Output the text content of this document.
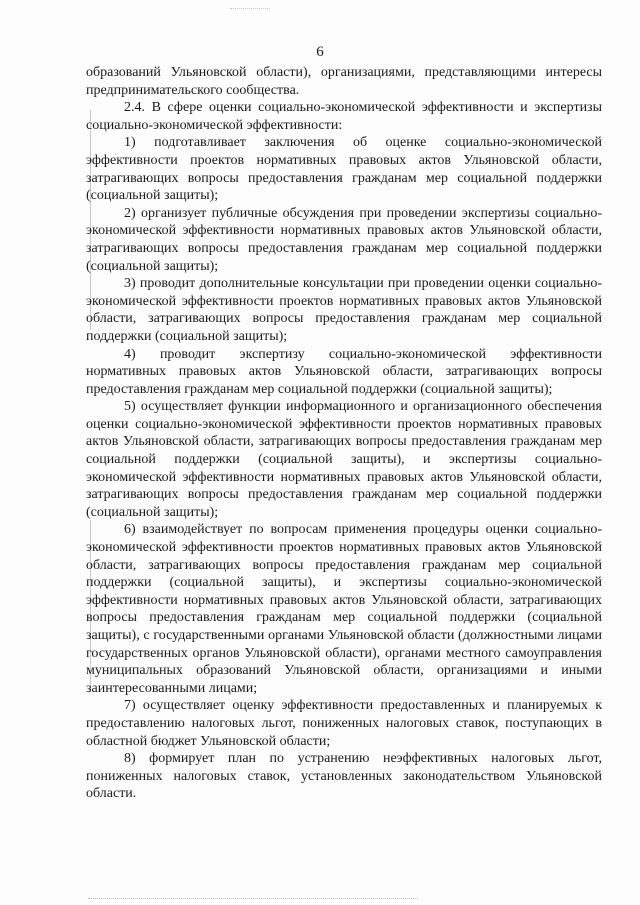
6

образований Ульяновской области), организациями, представляющими интересы предпринимательского сообщества.

2.4. В сфере оценки социально-экономической эффективности и экспертизы социально-экономической эффективности:

1) подготавливает заключения об оценке социально-экономической эффективности проектов нормативных правовых актов Ульяновской области, затрагивающих вопросы предоставления гражданам мер социальной поддержки (социальной защиты);

2) организует публичные обсуждения при проведении экспертизы социально-экономической эффективности нормативных правовых актов Ульяновской области, затрагивающих вопросы предоставления гражданам мер социальной поддержки (социальной защиты);

3) проводит дополнительные консультации при проведении оценки социально-экономической эффективности проектов нормативных правовых актов Ульяновской области, затрагивающих вопросы предоставления гражданам мер социальной поддержки (социальной защиты);

4) проводит экспертизу социально-экономической эффективности нормативных правовых актов Ульяновской области, затрагивающих вопросы предоставления гражданам мер социальной поддержки (социальной защиты);

5) осуществляет функции информационного и организационного обеспечения оценки социально-экономической эффективности проектов нормативных правовых актов Ульяновской области, затрагивающих вопросы предоставления гражданам мер социальной поддержки (социальной защиты), и экспертизы социально-экономической эффективности нормативных правовых актов Ульяновской области, затрагивающих вопросы предоставления гражданам мер социальной поддержки (социальной защиты);

6) взаимодействует по вопросам применения процедуры оценки социально-экономической эффективности проектов нормативных правовых актов Ульяновской области, затрагивающих вопросы предоставления гражданам мер социальной поддержки (социальной защиты), и экспертизы социально-экономической эффективности нормативных правовых актов Ульяновской области, затрагивающих вопросы предоставления гражданам мер социальной поддержки (социальной защиты), с государственными органами Ульяновской области (должностными лицами государственных органов Ульяновской области), органами местного самоуправления муниципальных образований Ульяновской области, организациями и иными заинтересованными лицами;

7) осуществляет оценку эффективности предоставленных и планируемых к предоставлению налоговых льгот, пониженных налоговых ставок, поступающих в областной бюджет Ульяновской области;

8) формирует план по устранению неэффективных налоговых льгот, пониженных налоговых ставок, установленных законодательством Ульяновской области.
